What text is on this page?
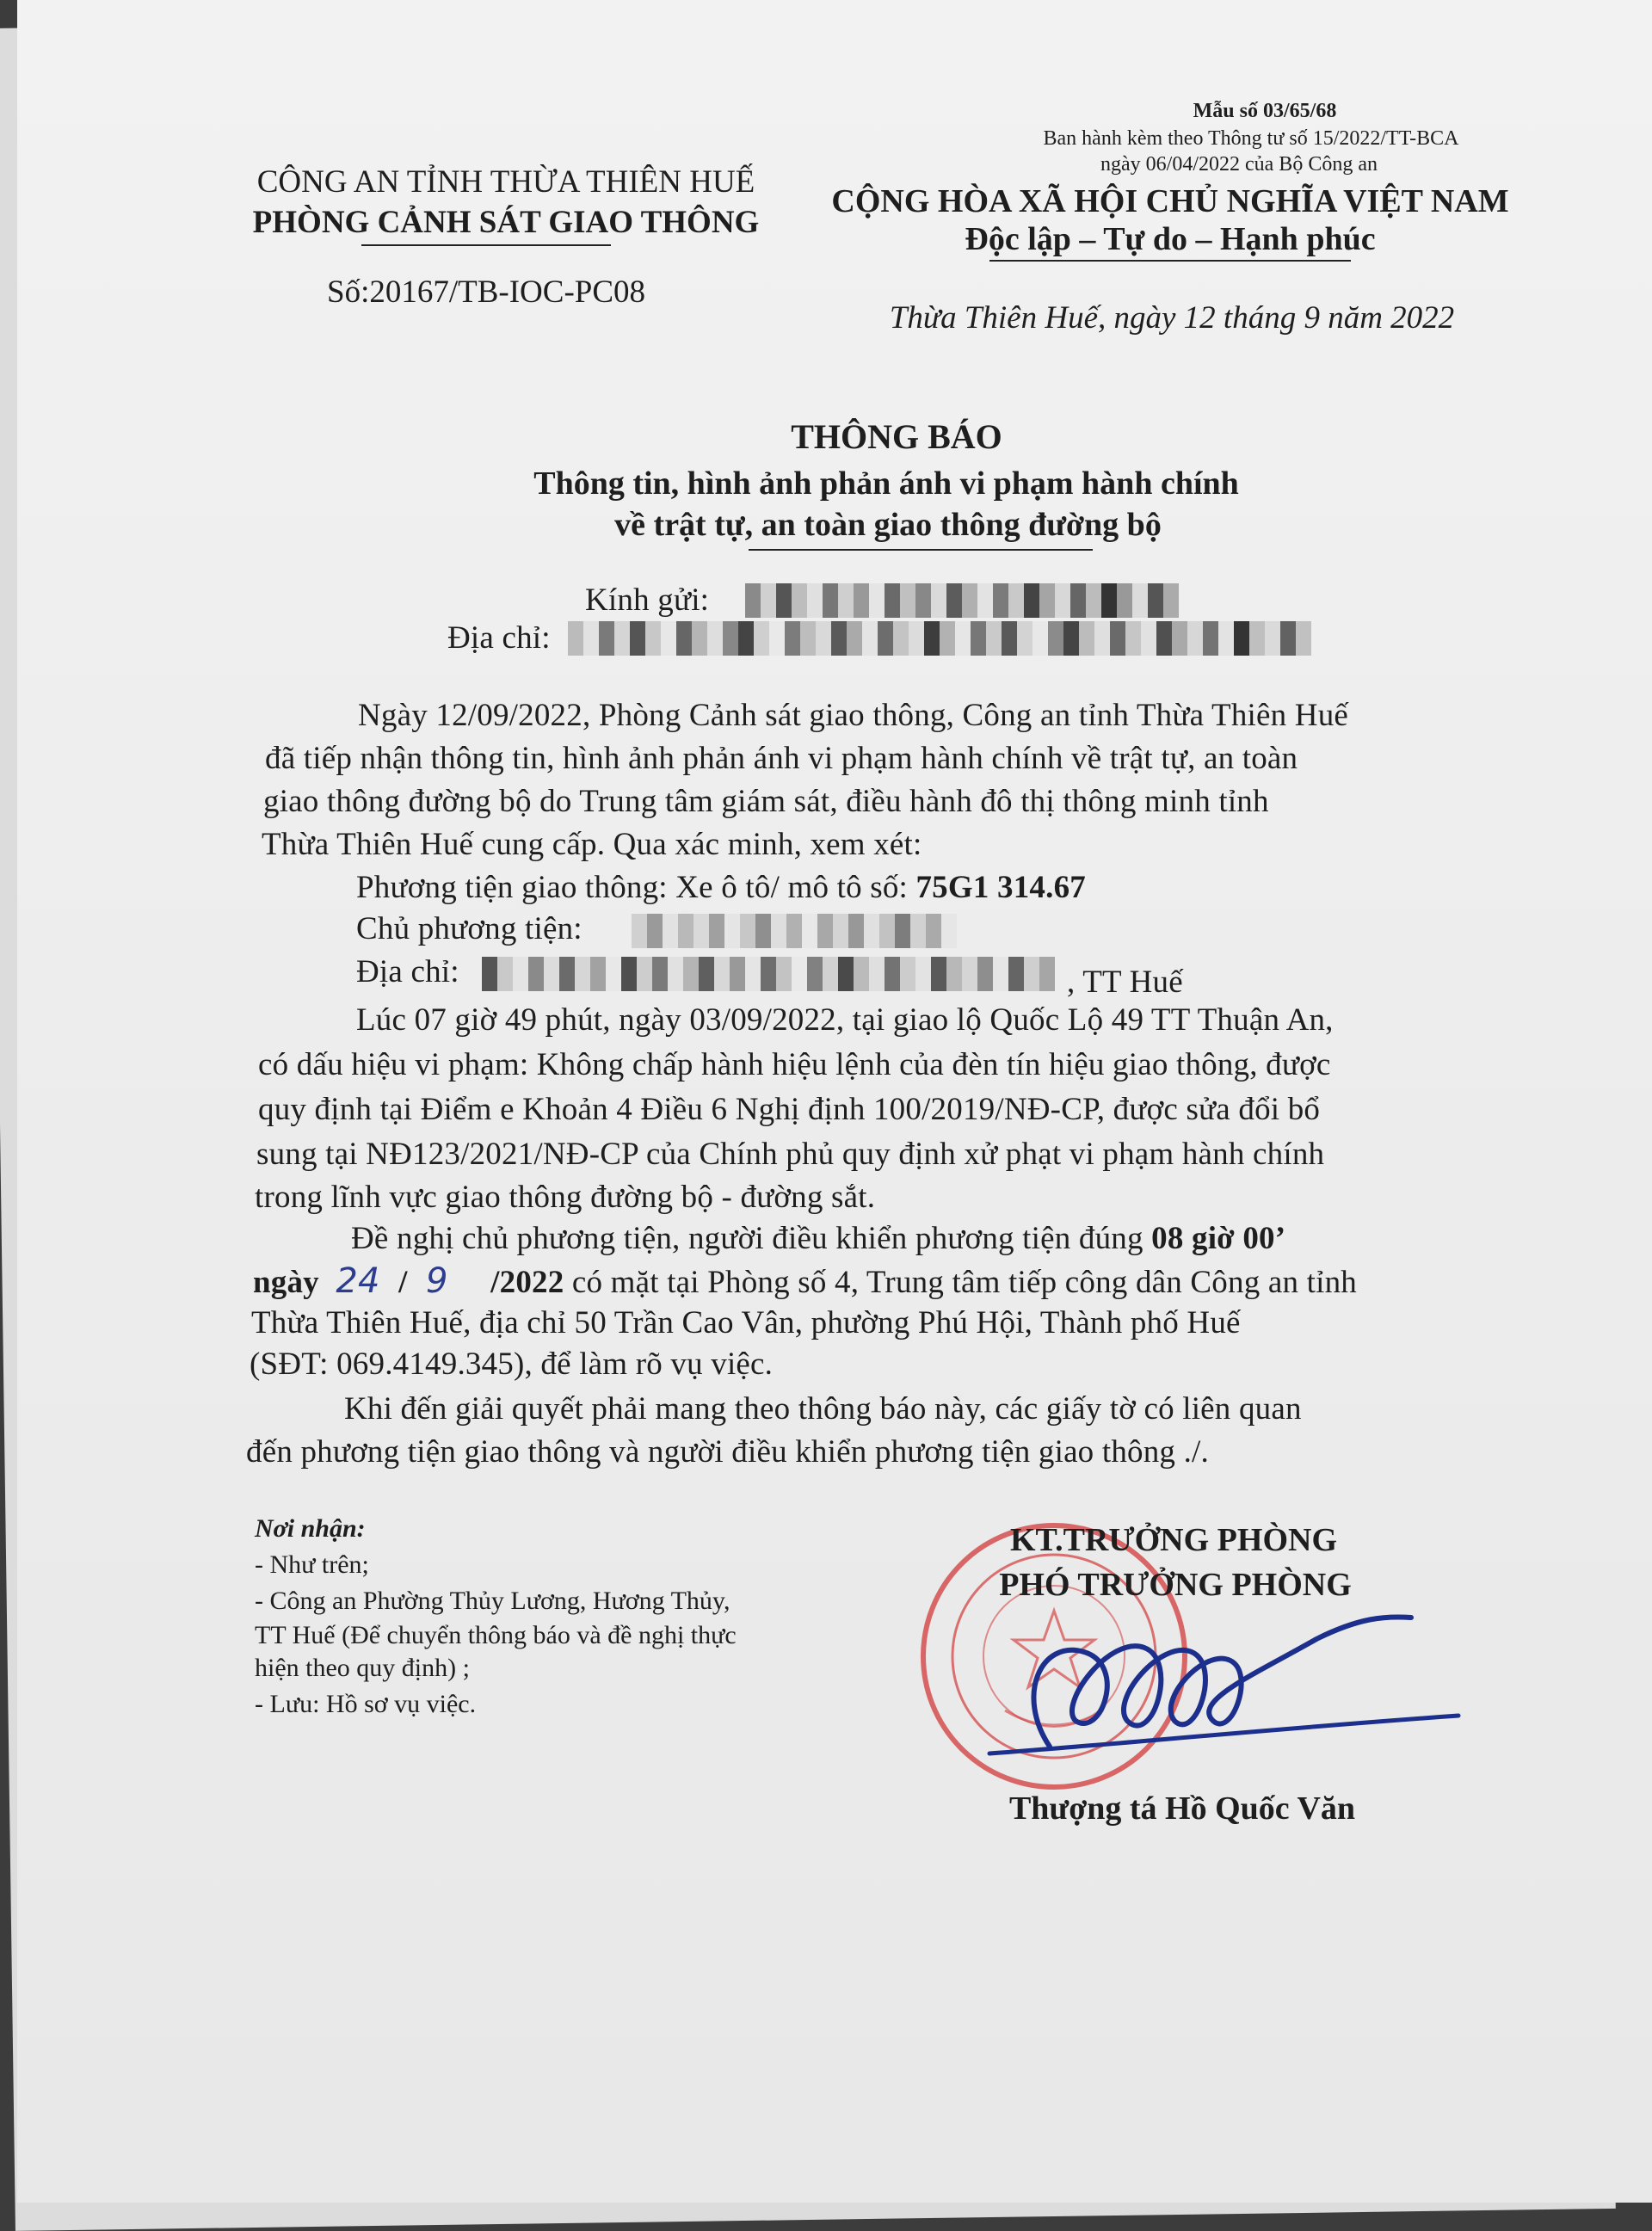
Mẫu số 03/65/68
Ban hành kèm theo Thông tư số 15/2022/TT-BCA
ngày 06/04/2022 của Bộ Công an
CÔNG AN TỈNH THỪA THIÊN HUẾ
PHÒNG CẢNH SÁT GIAO THÔNG
Số:20167/TB-IOC-PC08
CỘNG HÒA XÃ HỘI CHỦ NGHĨA VIỆT NAM
Độc lập – Tự do – Hạnh phúc
Thừa Thiên Huế, ngày 12 tháng 9 năm 2022
THÔNG BÁO
Thông tin, hình ảnh phản ánh vi phạm hành chính
về trật tự, an toàn giao thông đường bộ
Kính gửi:
Địa chỉ:
Ngày 12/09/2022, Phòng Cảnh sát giao thông, Công an tỉnh Thừa Thiên Huế
đã tiếp nhận thông tin, hình ảnh phản ánh vi phạm hành chính về trật tự, an toàn
giao thông đường bộ do Trung tâm giám sát, điều hành đô thị thông minh tỉnh
Thừa Thiên Huế cung cấp. Qua xác minh, xem xét:
Phương tiện giao thông: Xe ô tô/ mô tô số: 75G1 314.67
Chủ phương tiện:
Địa chỉ:	, TT Huế
Lúc 07 giờ 49 phút, ngày 03/09/2022, tại giao lộ Quốc Lộ 49 TT Thuận An,
có dấu hiệu vi phạm: Không chấp hành hiệu lệnh của đèn tín hiệu giao thông, được
quy định tại Điểm e Khoản 4 Điều 6 Nghị định 100/2019/NĐ-CP, được sửa đổi bổ
sung tại NĐ123/2021/NĐ-CP của Chính phủ quy định xử phạt vi phạm hành chính
trong lĩnh vực giao thông đường bộ - đường sắt.
Đề nghị chủ phương tiện, người điều khiển phương tiện đúng 08 giờ 00’
ngày 24 / 9 /2022 có mặt tại Phòng số 4, Trung tâm tiếp công dân Công an tỉnh
Thừa Thiên Huế, địa chỉ 50 Trần Cao Vân, phường Phú Hội, Thành phố Huế
(SĐT: 069.4149.345), để làm rõ vụ việc.
Khi đến giải quyết phải mang theo thông báo này, các giấy tờ có liên quan
đến phương tiện giao thông và người điều khiển phương tiện giao thông ./.
Nơi nhận:
- Như trên;
- Công an Phường Thủy Lương, Hương Thủy,
TT Huế (Để chuyển thông báo và đề nghị thực
hiện theo quy định) ;
- Lưu: Hồ sơ vụ việc.
KT.TRƯỞNG PHÒNG
PHÓ TRƯỞNG PHÒNG
Thượng tá Hồ Quốc Văn
